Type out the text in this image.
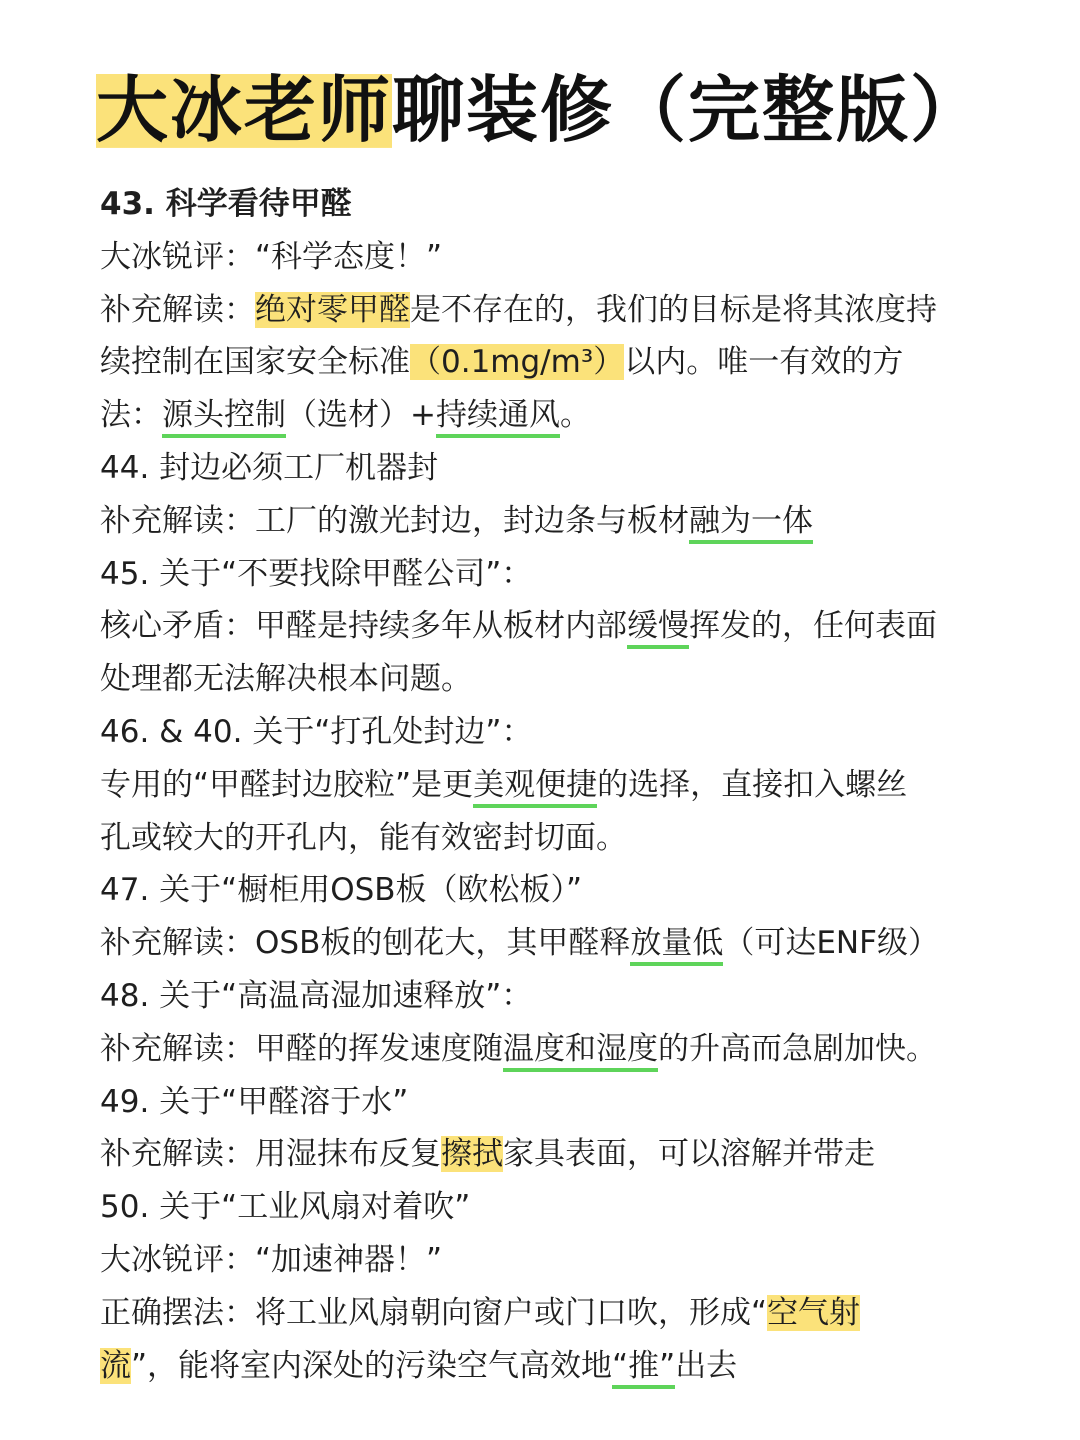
大冰老师聊装修（完整版）
43. 科学看待甲醛
大冰锐评：“科学态度！”
补充解读：绝对零甲醛是不存在的，我们的目标是将其浓度持
续控制在国家安全标准（0.1mg/m³）以内。唯一有效的方
法：源头控制（选材）+持续通风。
44. 封边必须工厂机器封
补充解读：工厂的激光封边，封边条与板材融为一体
45. 关于“不要找除甲醛公司”：
核心矛盾：甲醛是持续多年从板材内部缓慢挥发的，任何表面
处理都无法解决根本问题。
46. & 40. 关于“打孔处封边”：
专用的“甲醛封边胶粒”是更美观便捷的选择，直接扣入螺丝
孔或较大的开孔内，能有效密封切面。
47. 关于“橱柜用OSB板（欧松板）”
补充解读：OSB板的刨花大，其甲醛释放量低（可达ENF级）
48. 关于“高温高湿加速释放”：
补充解读：甲醛的挥发速度随温度和湿度的升高而急剧加快。
49. 关于“甲醛溶于水”
补充解读：用湿抹布反复擦拭家具表面，可以溶解并带走
50. 关于“工业风扇对着吹”
大冰锐评：“加速神器！”
正确摆法：将工业风扇朝向窗户或门口吹，形成“空气射
流”，能将室内深处的污染空气高效地“推”出去
